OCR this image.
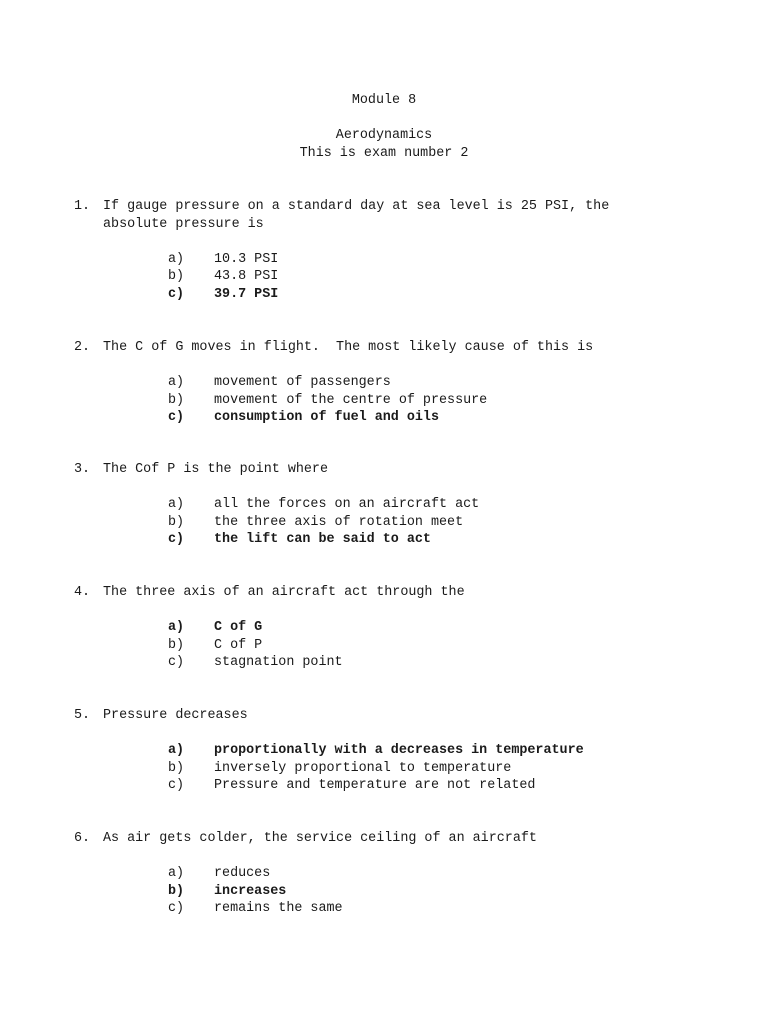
Module 8
Aerodynamics
This is exam number 2
1. If gauge pressure on a standard day at sea level is 25 PSI, the
absolute pressure is
a) 10.3 PSI
b) 43.8 PSI
c) 39.7 PSI
2. The C of G moves in flight.  The most likely cause of this is
a) movement of passengers
b) movement of the centre of pressure
c) consumption of fuel and oils
3. The Cof P is the point where
a) all the forces on an aircraft act
b) the three axis of rotation meet
c) the lift can be said to act
4. The three axis of an aircraft act through the
a) C of G
b) C of P
c) stagnation point
5. Pressure decreases
a) proportionally with a decreases in temperature
b) inversely proportional to temperature
c) Pressure and temperature are not related
6. As air gets colder, the service ceiling of an aircraft
a) reduces
b) increases
c) remains the same
